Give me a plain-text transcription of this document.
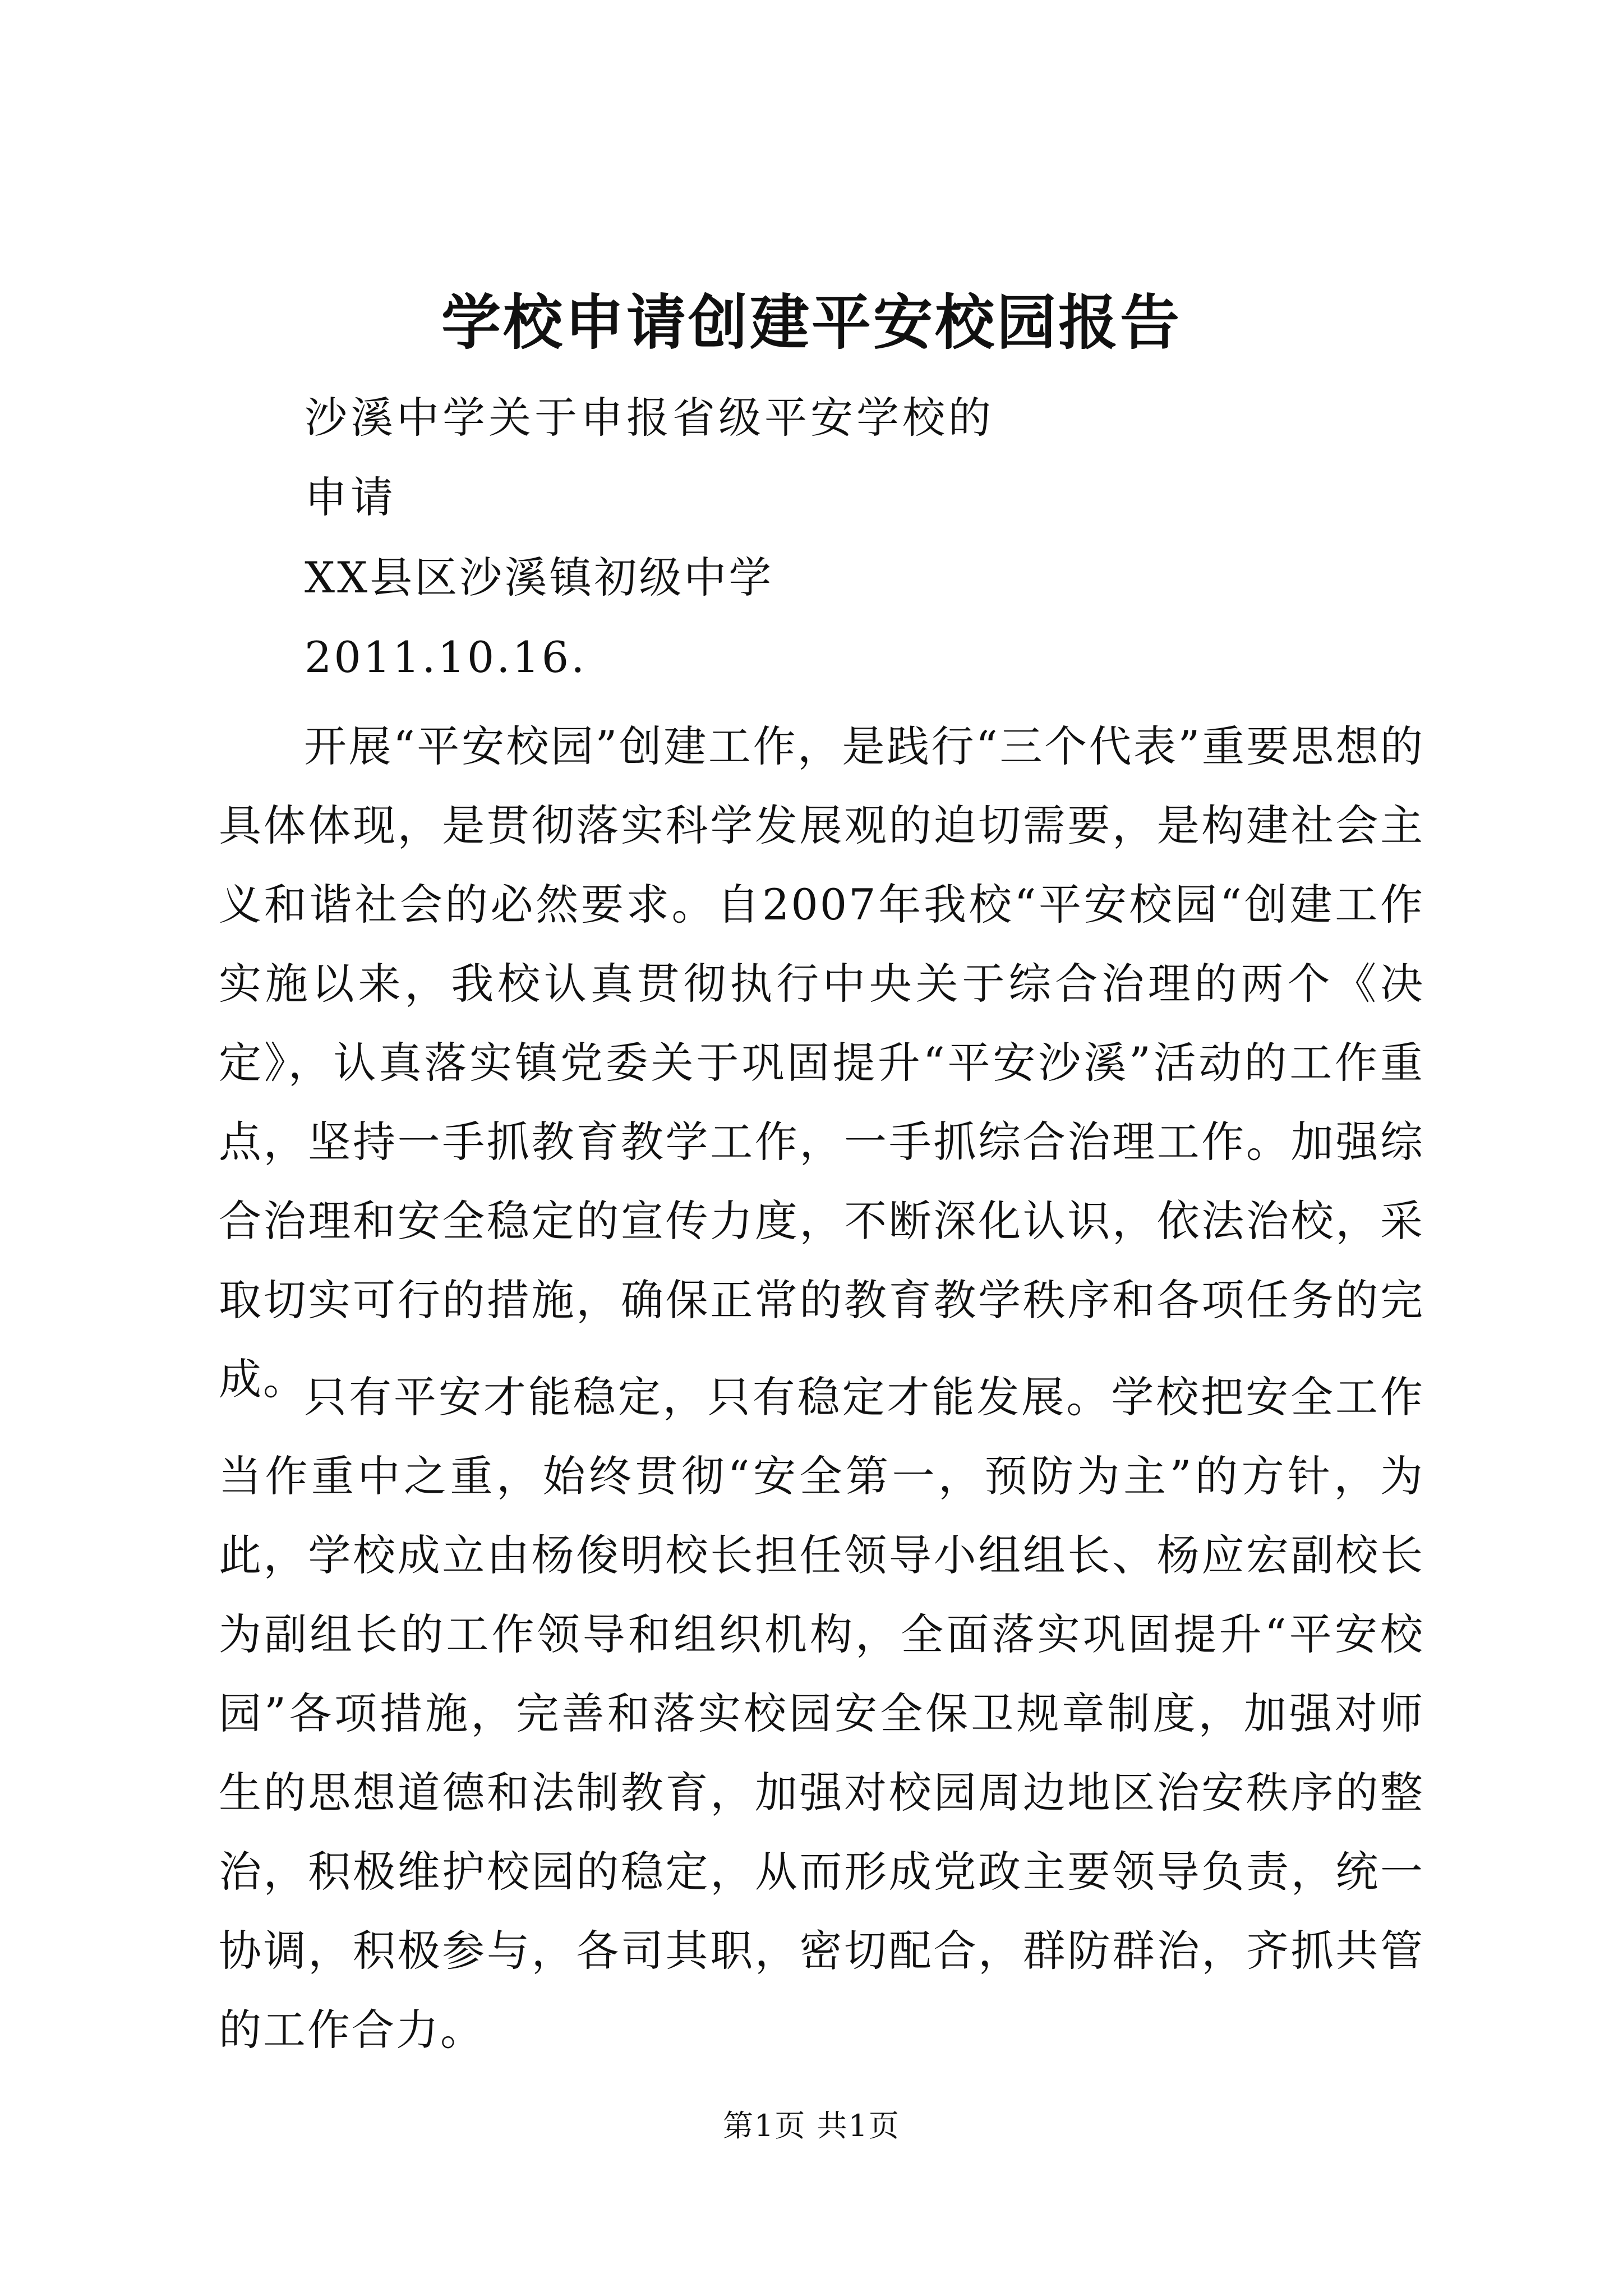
学校申请创建平安校园报告
沙溪中学关于申报省级平安学校的
申请
XX县区沙溪镇初级中学
2011.10.16.

开展“平安校园”创建工作，是践行“三个代表”重要思想的具体体现，是贯彻落实科学发展观的迫切需要，是构建社会主义和谐社会的必然要求。自2007年我校“平安校园“创建工作实施以来，我校认真贯彻执行中央关于综合治理的两个《决定》，认真落实镇党委关于巩固提升“平安沙溪”活动的工作重点，坚持一手抓教育教学工作，一手抓综合治理工作。加强综合治理和安全稳定的宣传力度，不断深化认识，依法治校，采取切实可行的措施，确保正常的教育教学秩序和各项任务的完成。

只有平安才能稳定，只有稳定才能发展。学校把安全工作当作重中之重，始终贯彻“安全第一，预防为主”的方针，为此，学校成立由杨俊明校长担任领导小组组长、杨应宏副校长为副组长的工作领导和组织机构，全面落实巩固提升“平安校园”各项措施，完善和落实校园安全保卫规章制度，加强对师生的思想道德和法制教育，加强对校园周边地区治安秩序的整治，积极维护校园的稳定，从而形成党政主要领导负责，统一协调，积极参与，各司其职，密切配合，群防群治，齐抓共管的工作合力。

第1页 共1页
